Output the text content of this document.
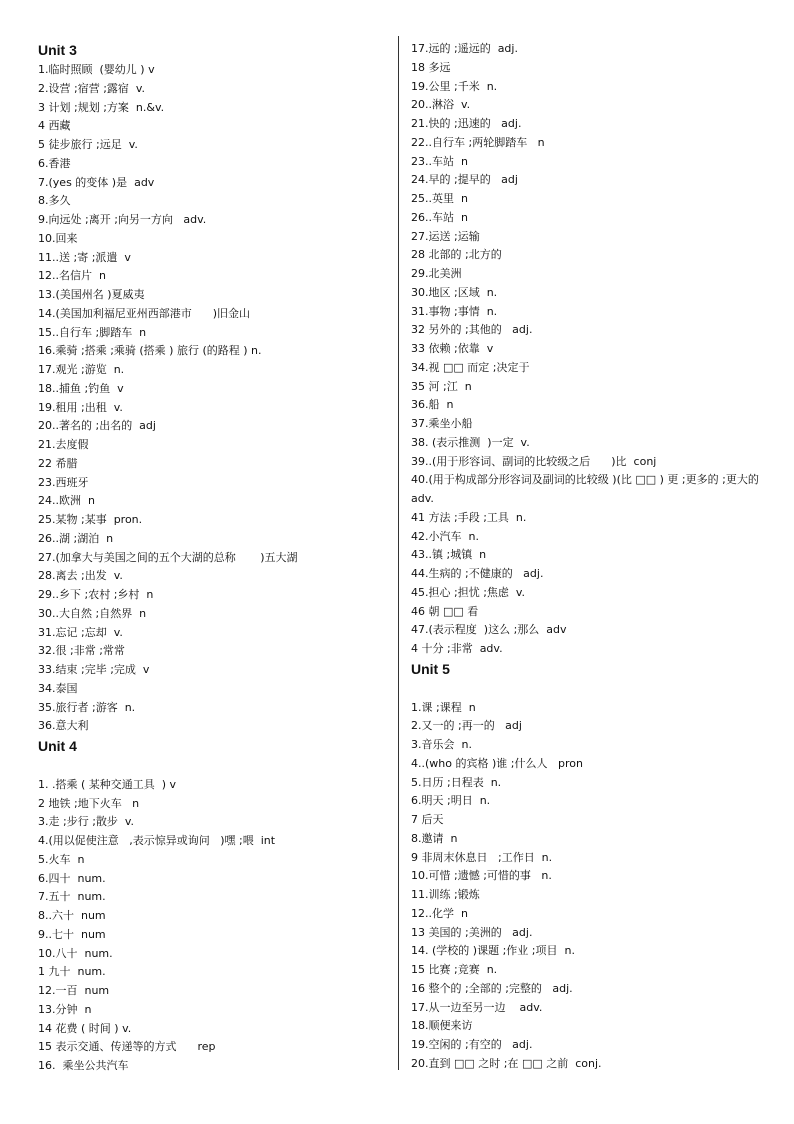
Unit 3
1.临时照顾  (婴幼儿 ) v
2.设营 ;宿营 ;露宿  v.
3 计划 ;规划 ;方案  n.&v.
4 西藏
5 徒步旅行 ;远足  v.
6.香港
7.(yes 的变体 )是  adv
8.多久
9.向远处 ;离开 ;向另一方向   adv.
10.回来
11..送 ;寄 ;派遣  v
12..名信片  n
13.(美国州名 )夏威夷
14.(美国加利福尼亚州西部港市      )旧金山
15..自行车 ;脚踏车  n
16.乘骑 ;搭乘 ;乘骑 (搭乘 ) 旅行 (的路程 ) n.
17.观光 ;游览  n.
18..捕鱼 ;钓鱼  v
19.租用 ;出租  v.
20..著名的 ;出名的  adj
21.去度假
22 希腊
23.西班牙
24..欧洲  n
25.某物 ;某事  pron.
26..湖 ;湖泊  n
27.(加拿大与美国之间的五个大湖的总称       )五大湖
28.离去 ;出发  v.
29..乡下 ;农村 ;乡村  n
30..大自然 ;自然界  n
31.忘记 ;忘却  v.
32.很 ;非常 ;常常
33.结束 ;完毕 ;完成  v
34.泰国
35.旅行者 ;游客  n.
36.意大利
Unit 4
1. .搭乘 ( 某种交通工具  ) v
2 地铁 ;地下火车   n
3.走 ;步行 ;散步  v.
4.(用以促使注意   ,表示惊异或询问   )嘿 ;喂  int
5.火车  n
6.四十  num.
7.五十  num.
8..六十  num
9..七十  num
10.八十  num.
1 九十  num.
12.一百  num
13.分钟  n
14 花费 ( 时间 ) v.
15 表示交通、传递等的方式      rep
16.  乘坐公共汽车
17.远的 ;遥远的  adj.
18 多远
19.公里 ;千米  n.
20..淋浴  v.
21.快的 ;迅速的   adj.
22..自行车 ;两轮脚踏车   n
23..车站  n
24.早的 ;提早的   adj
25..英里  n
26..车站  n
27.运送 ;运输
28 北部的 ;北方的
29.北美洲
30.地区 ;区域  n.
31.事物 ;事情  n.
32 另外的 ;其他的   adj.
33 依赖 ;依靠  v
34.视 □□ 而定 ;决定于
35 河 ;江  n
36.船  n
37.乘坐小船
38. (表示推测  )一定  v.
39..(用于形容词、副词的比较级之后      )比  conj
40.(用于构成部分形容词及副词的比较级 )(比 □□ ) 更 ;更多的 ;更大的 adv.
41 方法 ;手段 ;工具  n.
42.小汽车  n.
43..镇 ;城镇  n
44.生病的 ;不健康的   adj.
45.担心 ;担忧 ;焦虑  v.
46 朝 □□ 看
47.(表示程度  )这么 ;那么  adv
4 十分 ;非常  adv.
Unit 5
1.课 ;课程  n
2.又一的 ;再一的   adj
3.音乐会  n.
4..(who 的宾格 )谁 ;什么人   pron
5.日历 ;日程表  n.
6.明天 ;明日  n.
7 后天
8.邀请  n
9 非周末休息日   ;工作日  n.
10.可惜 ;遗憾 ;可惜的事   n.
11.训练 ;锻炼
12..化学  n
13 美国的 ;美洲的   adj.
14. (学校的 )课题 ;作业 ;项目  n.
15 比赛 ;竞赛  n.
16 整个的 ;全部的 ;完整的   adj.
17.从一边至另一边    adv.
18.顺便来访
19.空闲的 ;有空的   adj.
20.直到 □□ 之时 ;在 □□ 之前  conj.
